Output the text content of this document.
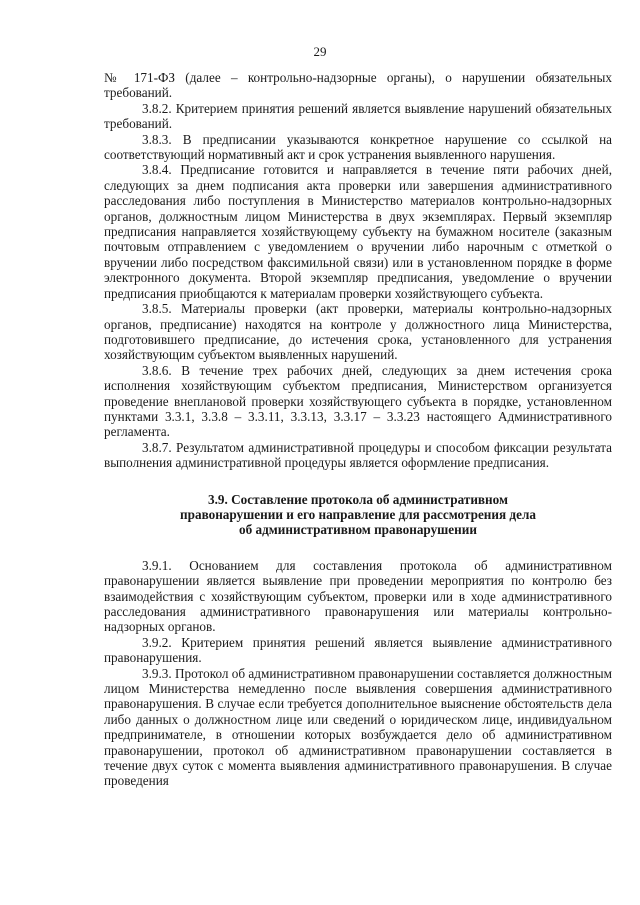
29

№ 171-ФЗ (далее – контрольно-надзорные органы), о нарушении обязательных требований.

3.8.2. Критерием принятия решений является выявление нарушений обязательных требований.

3.8.3. В предписании указываются конкретное нарушение со ссылкой на соответствующий нормативный акт и срок устранения выявленного нарушения.

3.8.4. Предписание готовится и направляется в течение пяти рабочих дней, следующих за днем подписания акта проверки или завершения административного расследования либо поступления в Министерство материалов контрольно-надзорных органов, должностным лицом Министерства в двух экземплярах. Первый экземпляр предписания направляется хозяйствующему субъекту на бумажном носителе (заказным почтовым отправлением с уведомлением о вручении либо нарочным с отметкой о вручении либо посредством факсимильной связи) или в установленном порядке в форме электронного документа. Второй экземпляр предписания, уведомление о вручении предписания приобщаются к материалам проверки хозяйствующего субъекта.

3.8.5. Материалы проверки (акт проверки, материалы контрольно-надзорных органов, предписание) находятся на контроле у должностного лица Министерства, подготовившего предписание, до истечения срока, установленного для устранения хозяйствующим субъектом выявленных нарушений.

3.8.6. В течение трех рабочих дней, следующих за днем истечения срока исполнения хозяйствующим субъектом предписания, Министерством организуется проведение внеплановой проверки хозяйствующего субъекта в порядке, установленном пунктами 3.3.1, 3.3.8 – 3.3.11, 3.3.13, 3.3.17 – 3.3.23 настоящего Административного регламента.

3.8.7. Результатом административной процедуры и способом фиксации результата выполнения административной процедуры является оформление предписания.

3.9. Составление протокола об административном
правонарушении и его направление для рассмотрения дела
об административном правонарушении

3.9.1. Основанием для составления протокола об административном правонарушении является выявление при проведении мероприятия по контролю без взаимодействия с хозяйствующим субъектом, проверки или в ходе административного расследования административного правонарушения или материалы контрольно-надзорных органов.

3.9.2. Критерием принятия решений является выявление административного правонарушения.

3.9.3. Протокол об административном правонарушении составляется должностным лицом Министерства немедленно после выявления совершения административного правонарушения. В случае если требуется дополнительное выяснение обстоятельств дела либо данных о должностном лице или сведений о юридическом лице, индивидуальном предпринимателе, в отношении которых возбуждается дело об административном правонарушении, протокол об административном правонарушении составляется в течение двух суток с момента выявления административного правонарушения. В случае проведения
